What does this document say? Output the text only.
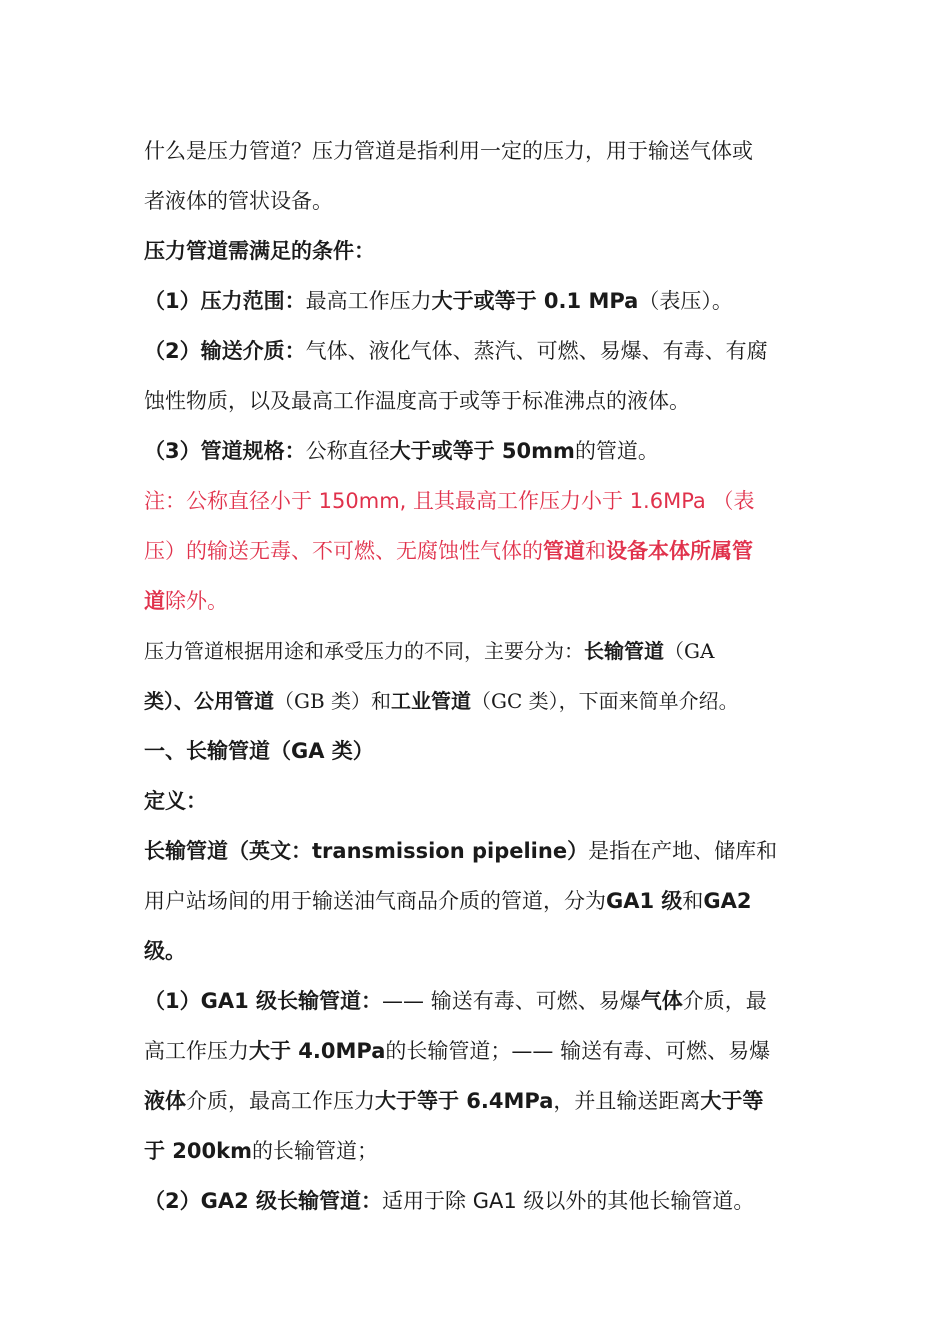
什么是压力管道？压力管道是指利用一定的压力，用于输送气体或
者液体的管状设备。
压力管道需满足的条件：
（1）压力范围：最高工作压力大于或等于 0.1 MPa（表压）。
（2）输送介质：气体、液化气体、蒸汽、可燃、易爆、有毒、有腐
蚀性物质，以及最高工作温度高于或等于标准沸点的液体。
（3）管道规格：公称直径大于或等于 50mm的管道。
注：公称直径小于 150mm, 且其最高工作压力小于 1.6MPa （表
压）的输送无毒、不可燃、无腐蚀性气体的管道和设备本体所属管
道除外。
压力管道根据用途和承受压力的不同，主要分为：长输管道（GA
类）、公用管道（GB 类）和工业管道（GC 类），下面来简单介绍。
一、长输管道（GA 类）
定义：
长输管道（英文：transmission pipeline）是指在产地、储库和
用户站场间的用于输送油气商品介质的管道，分为GA1 级和GA2
级。
（1）GA1 级长输管道：—— 输送有毒、可燃、易爆气体介质，最
高工作压力大于 4.0MPa的长输管道；—— 输送有毒、可燃、易爆
液体介质，最高工作压力大于等于 6.4MPa，并且输送距离大于等
于 200km的长输管道；
（2）GA2 级长输管道：适用于除 GA1 级以外的其他长输管道。
